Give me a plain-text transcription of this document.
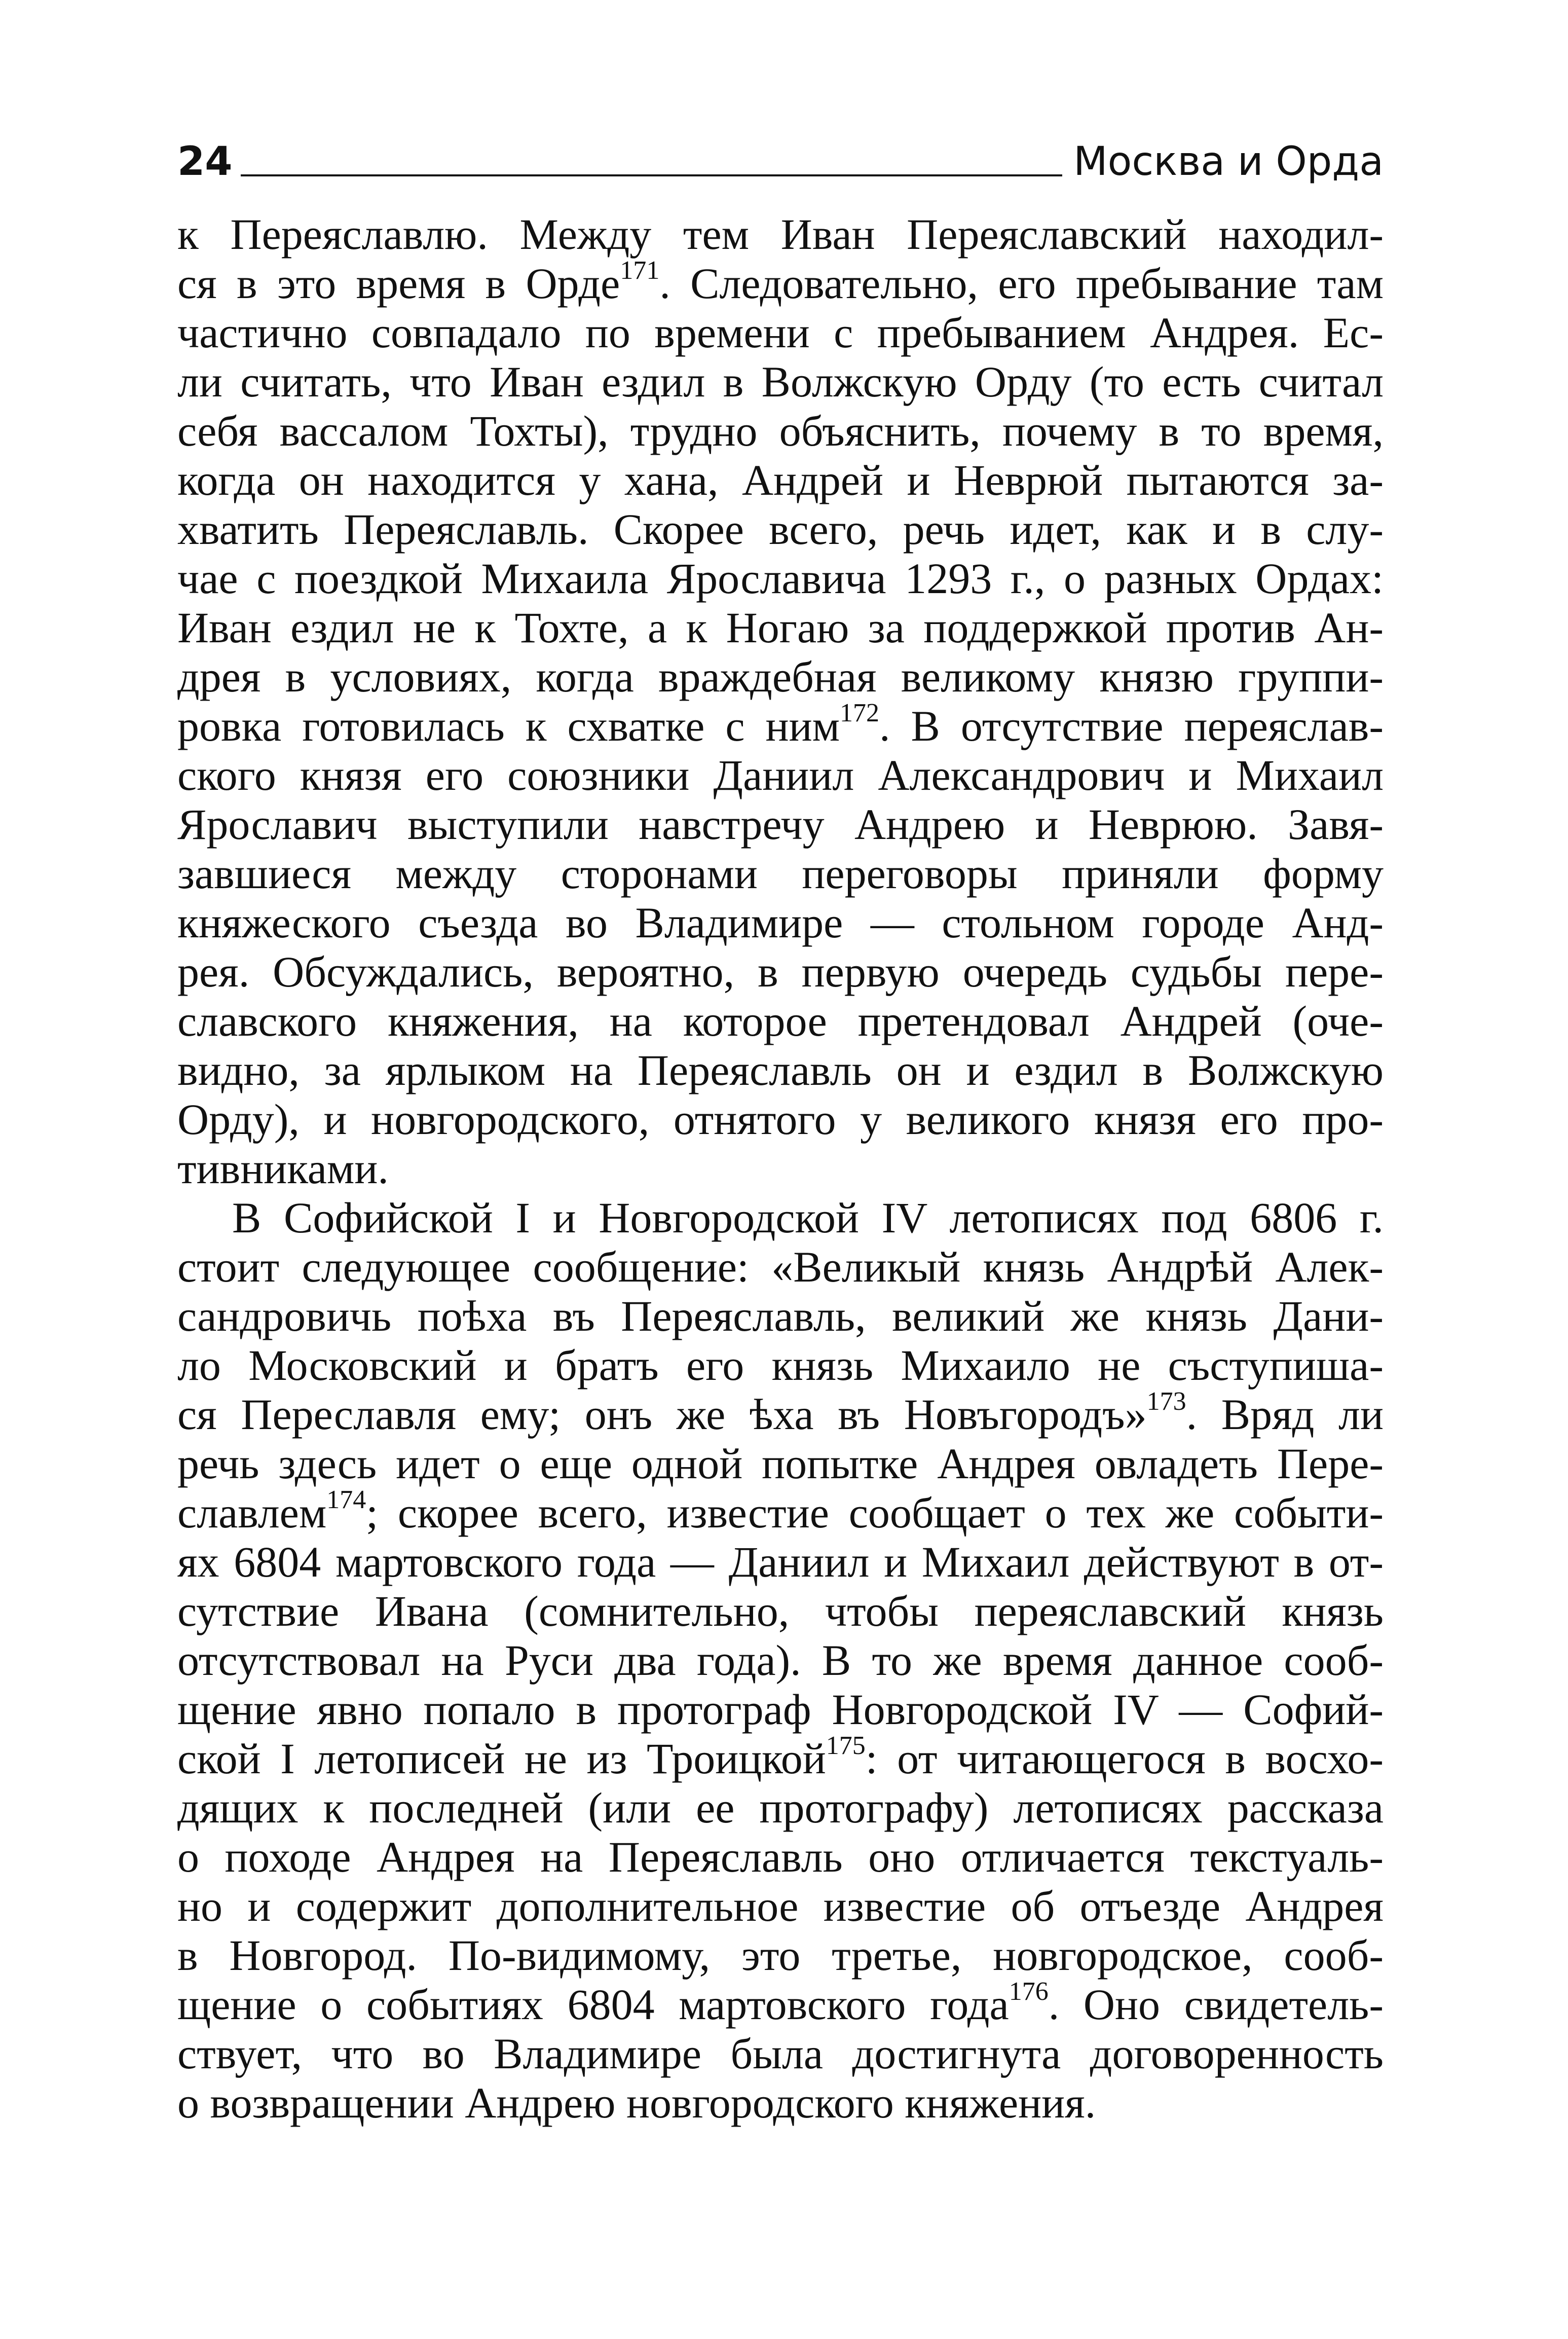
24	Москва и Орда
к Переяславлю. Между тем Иван Переяславский находил-
ся в это время в Орде$^{171}$. Следовательно, его пребывание там
частично совпадало по времени с пребыванием Андрея. Ес-
ли считать, что Иван ездил в Волжскую Орду (то есть считал
себя вассалом Тохты), трудно объяснить, почему в то время,
когда он находится у хана, Андрей и Неврюй пытаются за-
хватить Переяславль. Скорее всего, речь идет, как и в слу-
чае с поездкой Михаила Ярославича 1293 г., о разных Ордах:
Иван ездил не к Тохте, а к Ногаю за поддержкой против Ан-
дрея в условиях, когда враждебная великому князю группи-
ровка готовилась к схватке с ним$^{172}$. В отсутствие переяслав-
ского князя его союзники Даниил Александрович и Михаил
Ярославич выступили навстречу Андрею и Неврюю. Завя-
завшиеся между сторонами переговоры приняли форму
княжеского съезда во Владимире — стольном городе Анд-
рея. Обсуждались, вероятно, в первую очередь судьбы пере-
славского княжения, на которое претендовал Андрей (оче-
видно, за ярлыком на Переяславль он и ездил в Волжскую
Орду), и новгородского, отнятого у великого князя его про-
тивниками.
В Софийской I и Новгородской IV летописях под 6806 г.
стоит следующее сообщение: «Великый князь Андрѣй Алек-
сандровичь поѣха въ Переяславль, великий же князь Дани-
ло Московский и братъ его князь Михаило не съступиша-
ся Переславля ему; онъ же ѣха въ Новъгородъ»$^{173}$. Вряд ли
речь здесь идет о еще одной попытке Андрея овладеть Пере-
славлем$^{174}$; скорее всего, известие сообщает о тех же событи-
ях 6804 мартовского года — Даниил и Михаил действуют в от-
сутствие Ивана (сомнительно, чтобы переяславский князь
отсутствовал на Руси два года). В то же время данное сооб-
щение явно попало в протограф Новгородской IV — Софий-
ской I летописей не из Троицкой$^{175}$: от читающегося в восхо-
дящих к последней (или ее протографу) летописях рассказа
о походе Андрея на Переяславль оно отличается текстуаль-
но и содержит дополнительное известие об отъезде Андрея
в Новгород. По-видимому, это третье, новгородское, сооб-
щение о событиях 6804 мартовского года$^{176}$. Оно свидетель-
ствует, что во Владимире была достигнута договоренность
о возвращении Андрею новгородского княжения.
